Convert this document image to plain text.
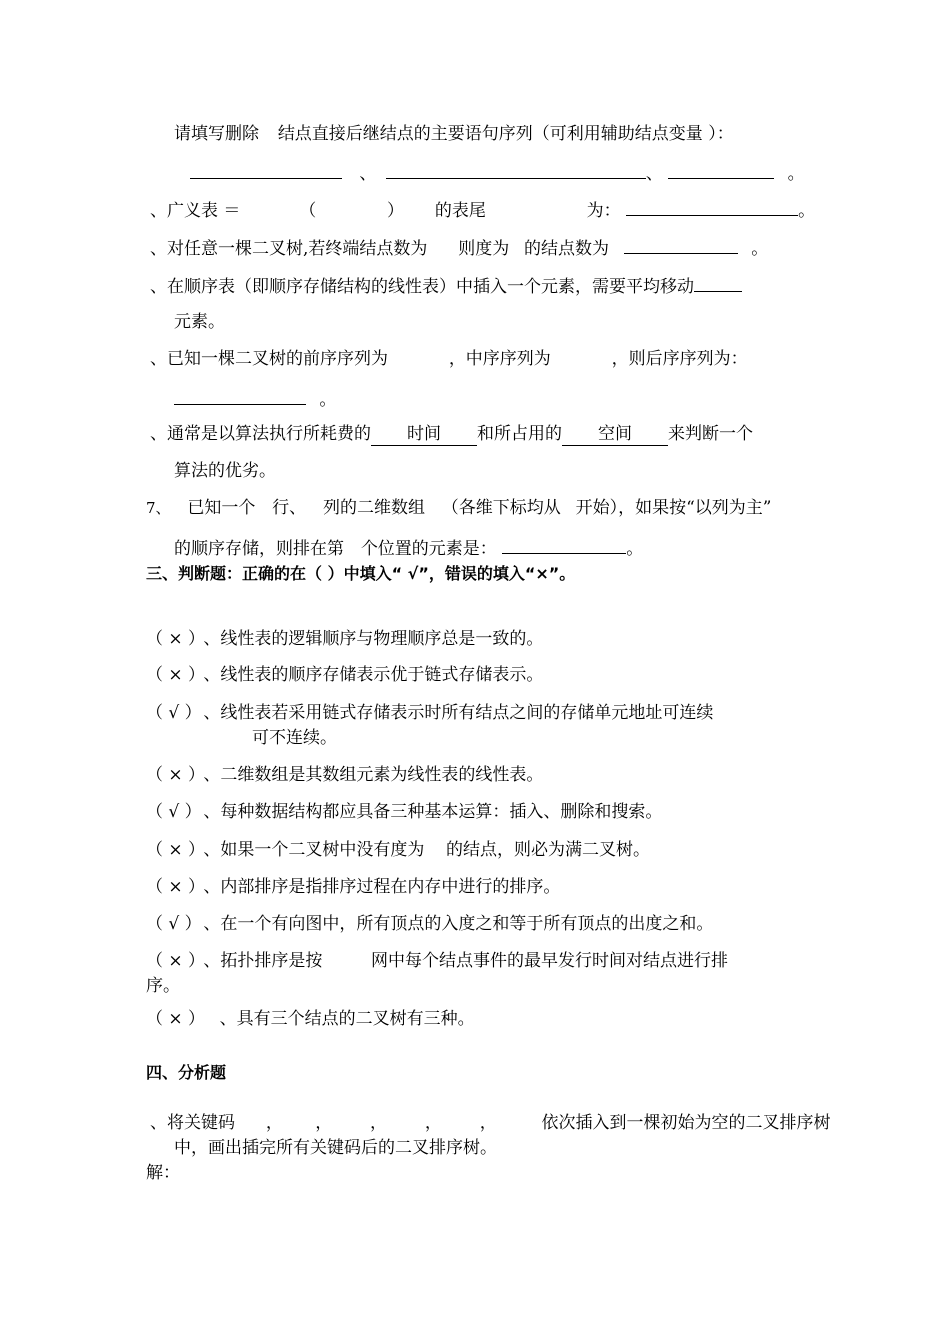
请填写删除 结点直接后继结点的主要语句序列（可利用辅助结点变量 ）：
、	、	。
、广义表 ＝	（	） 的表尾	为：	。
、对任意一棵二叉树,若终端结点数为 则度为 的结点数为	。
、在顺序表（即顺序存储结构的线性表）中插入一个元素，需要平均移动
元素。
、已知一棵二叉树的前序序列为	，中序序列为	，则后序序列为：
。
、通常是以算法执行所耗费的 时间 和所占用的 空间 来判断一个
算法的优劣。
7、 已知一个 行、 列的二维数组 （各维下标均从 开始），如果按“以列为主”
的顺序存储，则排在第 个位置的元素是：	。
三、判断题：正确的在（ ）中填入“ √”，错误的填入“×”。
（ × ） 、线性表的逻辑顺序与物理顺序总是一致的。
（ × ） 、线性表的顺序存储表示优于链式存储表示。
（ √ ） 、线性表若采用链式存储表示时所有结点之间的存储单元地址可连续
可不连续。
（ × ） 、二维数组是其数组元素为线性表的线性表。
（ √ ） 、每种数据结构都应具备三种基本运算：插入、删除和搜索。
（ × ） 、如果一个二叉树中没有度为    的结点，则必为满二叉树。
（ × ） 、内部排序是指排序过程在内存中进行的排序。
（ √ ） 、在一个有向图中，所有顶点的入度之和等于所有顶点的出度之和。
（ × ） 、拓扑排序是按         网中每个结点事件的最早发行时间对结点进行排
序。
（ × ）    、具有三个结点的二叉树有三种。
四、分析题
、将关键码 ，      ，       ，       ，       ，	依次插入到一棵初始为空的二叉排序树
中，画出插完所有关键码后的二叉排序树。
解：
